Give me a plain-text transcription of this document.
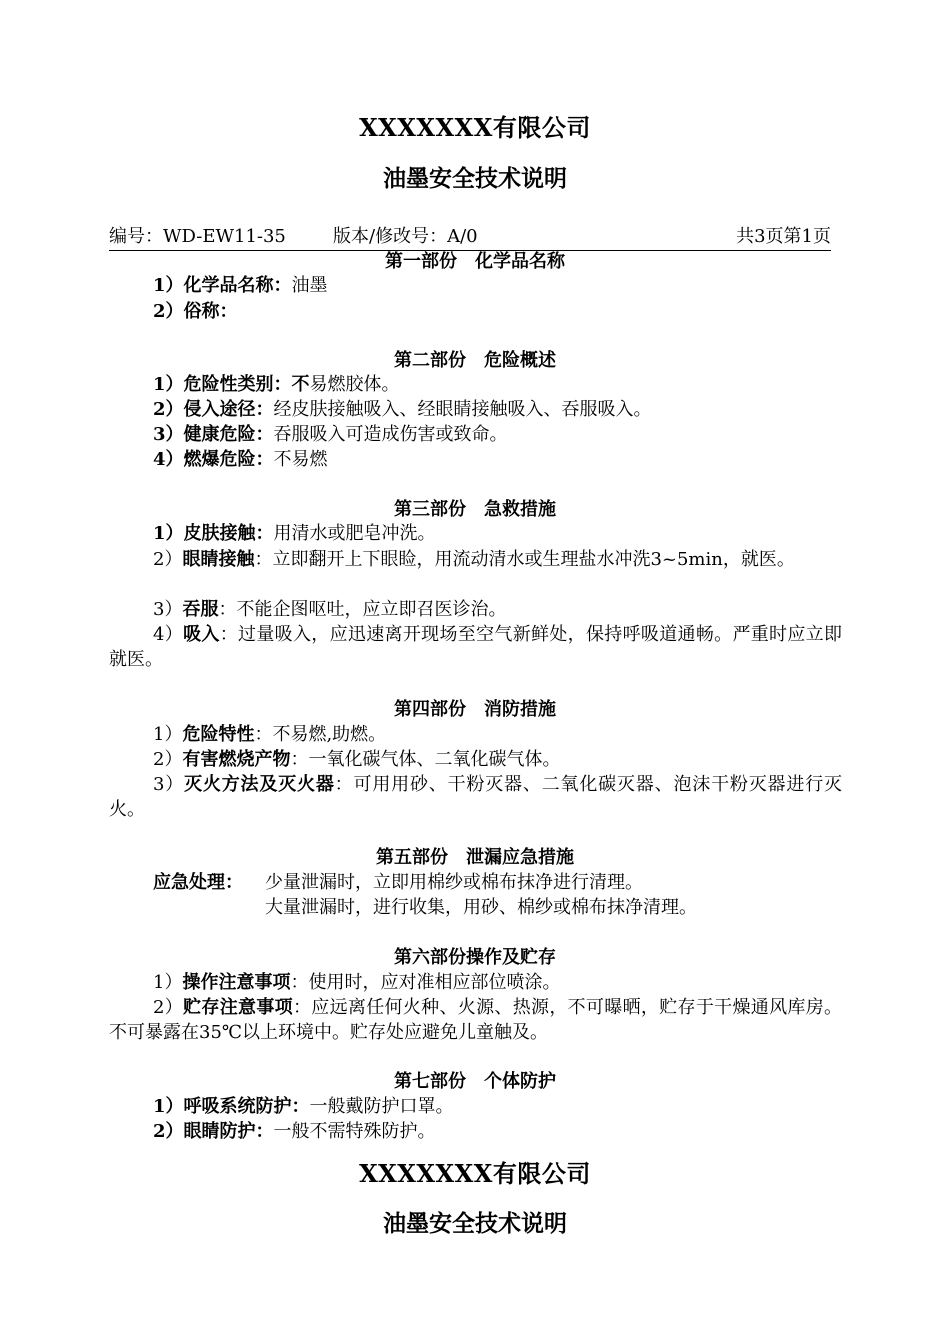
XXXXXXX有限公司
油墨安全技术说明
编号：WD-EW11-35	版本/修改号：A/0	共3页第1页
第一部份　化学品名称
1）化学品名称：油墨
2）俗称：
第二部份　危险概述
1）危险性类别：不易燃胶体。
2）侵入途径：经皮肤接触吸入、经眼睛接触吸入、吞服吸入。
3）健康危险：吞服吸入可造成伤害或致命。
4）燃爆危险：不易燃
第三部份　急救措施
1）皮肤接触：用清水或肥皂冲洗。
2）眼睛接触：立即翻开上下眼睑，用流动清水或生理盐水冲洗3~5min，就医。
3）吞服：不能企图呕吐，应立即召医诊治。
4）吸入：过量吸入，应迅速离开现场至空气新鲜处，保持呼吸道通畅。严重时应立即就医。
第四部份　消防措施
1）危险特性：不易燃,助燃。
2）有害燃烧产物：一氧化碳气体、二氧化碳气体。
3）灭火方法及灭火器：可用用砂、干粉灭器、二氧化碳灭器、泡沫干粉灭器进行灭火。
第五部份　泄漏应急措施
应急处理： 少量泄漏时，立即用棉纱或棉布抹净进行清理。
大量泄漏时，进行收集，用砂、棉纱或棉布抹净清理。
第六部份操作及贮存
1）操作注意事项：使用时，应对准相应部位喷涂。
2）贮存注意事项：应远离任何火种、火源、热源，不可曝晒，贮存于干燥通风库房。不可暴露在35℃以上环境中。贮存处应避免儿童触及。
第七部份　个体防护
1）呼吸系统防护：一般戴防护口罩。
2）眼睛防护：一般不需特殊防护。
XXXXXXX有限公司
油墨安全技术说明
